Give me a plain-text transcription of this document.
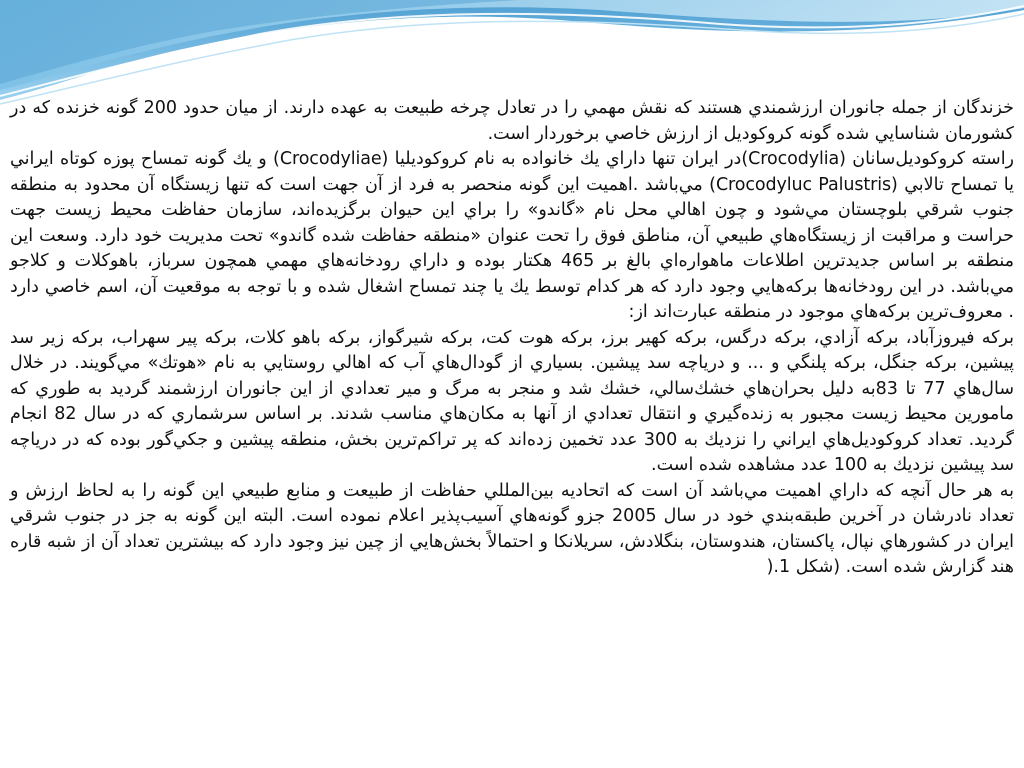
خزندگان از جمله جانوران ارزشمندي هستند كه نقش مهمي را در تعادل چرخه طبيعت به عهده دارند. از ميان حدود 200 گونه خزنده كه در كشورمان شناسايي شده گونه كروكوديل از ارزش خاصي برخوردار است.

راسته كروكوديل‌سانان (Crocodylia)در ايران تنها داراي يك خانواده به نام كروكوديليا (Crocodyliae) و يك گونه تمساح پوزه كوتاه ايراني يا تمساح تالابي (Crocodyluc Palustris) مي‌باشد .اهميت اين گونه منحصر به فرد از آن جهت است كه تنها زيستگاه آن محدود به منطقه جنوب شرقي بلوچستان مي‌شود و چون اهالي محل نام «گاندو» را براي اين حيوان برگزيده‌اند، سازمان حفاظت محيط زيست جهت حراست و مراقبت از زيستگاه‌هاي طبيعي آن، مناطق فوق را تحت عنوان «منطقه حفاظت شده گاندو» تحت مديريت خود دارد. وسعت اين منطقه بر اساس جديدترين اطلاعات ماهواره‌اي بالغ بر 465 هكتار بوده و داراي رودخانه‌هاي مهمي همچون سرباز، باهوكلات و كلاجو مي‌باشد. در اين رودخانه‌ها بركه‌هايي وجود دارد كه هر كدام توسط يك يا چند تمساح اشغال شده و با توجه به موقعيت آن، اسم خاصي دارد . معروف‌ترين بركه‌هاي موجود در منطقه عبارت‌اند از:

بركه فيروزآباد، بركه آزادي، بركه درگس، بركه كهير برز، بركه هوت كت، بركه شيرگواز، بركه باهو كلات، بركه پير سهراب، بركه زير سد پيشين، بركه جنگل، بركه پلنگي و ... و درياچه سد پيشين. بسياري از گودال‌هاي آب كه اهالي روستايي به نام «هوتك» مي‌گويند. در خلال سال‌هاي 77 تا 83به دليل بحران‌هاي خشك‌سالي، خشك شد و منجر به مرگ و مير تعدادي از اين جانوران ارزشمند گرديد به طوري كه مامورين محيط زيست مجبور به زنده‌گيري و انتقال تعدادي از آنها به مكان‌هاي مناسب شدند. بر اساس سرشماري كه در سال 82 انجام گرديد. تعداد كروكوديل‌هاي ايراني را نزديك به 300 عدد تخمين زده‌اند كه پر تراكم‌ترين بخش، منطقه پيشين و جكي‌گور بوده كه در درياچه سد پيشين نزديك به 100 عدد مشاهده شده است.

به هر حال آنچه كه داراي اهميت مي‌باشد آن است كه اتحاديه بين‌المللي حفاظت از طبيعت و منابع طبيعي اين گونه را به لحاظ ارزش و تعداد نادرشان در آخرين طبقه‌بندي خود در سال 2005 جزو گونه‌هاي آسيب‌پذير اعلام نموده است. البته اين گونه به جز در جنوب شرقي ايران در كشورهاي نپال، پاكستان، هندوستان، بنگلادش، سريلانكا و احتمالاً بخش‌هايي از چين نيز وجود دارد كه بيشترين تعداد آن از شبه قاره هند گزارش شده است. (شكل 1.(
